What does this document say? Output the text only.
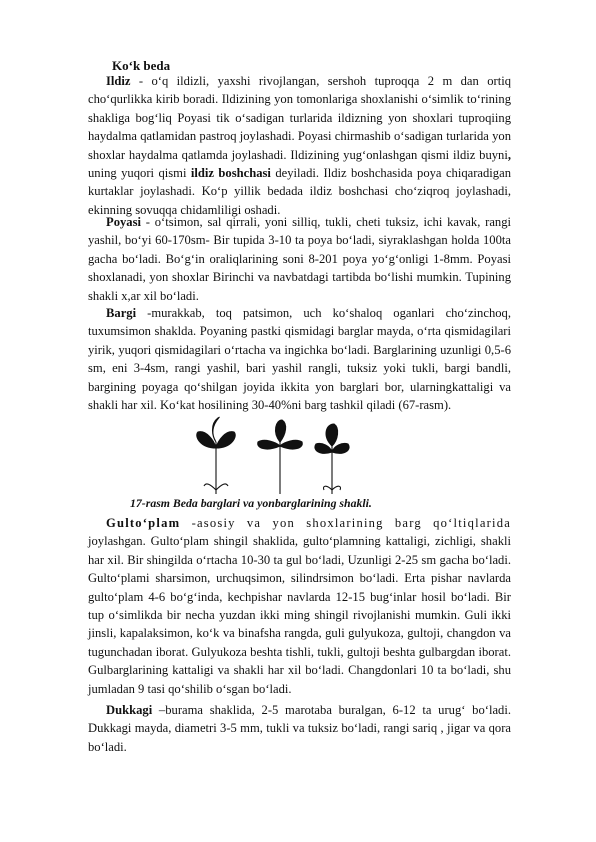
Ko‘k beda
Ildiz - o‘q ildizli, yaxshi rivojlangan, sershoh tuproqqa 2 m dan ortiq cho‘qurlikka kirib boradi. Ildizining yon tomonlariga shoxlanishi o‘simlik to‘rining shakliga bog‘liq Poyasi tik o‘sadigan turlarida ildizning yon shoxlari tuproqiing haydalma qatlamidan pastroq joylashadi. Poyasi chirmashib o‘sadigan turlarida yon shoxlar haydalma qatlamda joylashadi. Ildizining yug‘onlashgan qismi ildiz buyni, uning yuqori qismi ildiz boshchasi deyiladi. Ildiz boshchasida poya chiqaradigan kurtaklar joylashadi. Ko‘p yillik bedada ildiz boshchasi cho‘ziqroq joylashadi, ekinning sovuqqa chidamliligi oshadi.
Poyasi - o‘tsimon, sal qirrali, yoni silliq, tukli, cheti tuksiz, ichi kavak, rangi yashil, bo‘yi 60-170sm- Bir tupida 3-10 ta poya bo‘ladi, siyraklashgan holda 100ta gacha bo‘ladi. Bo‘g‘in oraliqlarining soni 8-201 poya yo‘g‘onligi 1-8mm. Poyasi shoxlanadi, yon shoxlar Birinchi va navbatdagi tartibda bo‘lishi mumkin. Tupining shakli x,ar xil bo‘ladi.
Bargi -murakkab, toq patsimon, uch ko‘shaloq oganlari cho‘zinchoq, tuxumsimon shaklda. Poyaning pastki qismidagi barglar mayda, o‘rta qismidagilari yirik, yuqori qismidagilari o‘rtacha va ingichka bo‘ladi. Barglarining uzunligi 0,5-6 sm, eni 3-4sm, rangi yashil, bari yashil rangli, tuksiz yoki tukli, bargi bandli, bargining poyaga qo‘shilgan joyida ikkita yon barglari bor, ularningkattaligi va shakli har xil. Ko‘kat hosilining 30-40%ni barg tashkil qiladi (67-rasm).
17-rasm Beda barglari va yonbarglarining shakli.
Gulto‘plam -asosiy va yon shoxlarining barg qo‘ltiqlarida joylashgan. Gulto‘plam shingil shaklida, gulto‘plamning kattaligi, zichligi, shakli har xil. Bir shingilda o‘rtacha 10-30 ta gul bo‘ladi, Uzunligi 2-25 sm gacha bo‘ladi. Gulto‘plami sharsimon, urchuqsimon, silindrsimon bo‘ladi. Erta pishar navlarda gulto‘plam 4-6 bo‘g‘inda, kechpishar navlarda 12-15 bug‘inlar hosil bo‘ladi. Bir tup o‘simlikda bir necha yuzdan ikki ming shingil rivojlanishi mumkin. Guli ikki jinsli, kapalaksimon, ko‘k va binafsha rangda, guli gulyukoza, gultoji, changdon va tugunchadan iborat. Gulyukoza beshta tishli, tukli, gultoji beshta gulbargdan iborat. Gulbarglarining kattaligi va shakli har xil bo‘ladi. Changdonlari 10 ta bo‘ladi, shu jumladan 9 tasi qo‘shilib o‘sgan bo‘ladi.
Dukkagi –burama shaklida, 2-5 marotaba buralgan, 6-12 ta urug‘ bo‘ladi. Dukkagi mayda, diametri 3-5 mm, tukli va tuksiz bo‘ladi, rangi sariq , jigar va qora bo‘ladi.
